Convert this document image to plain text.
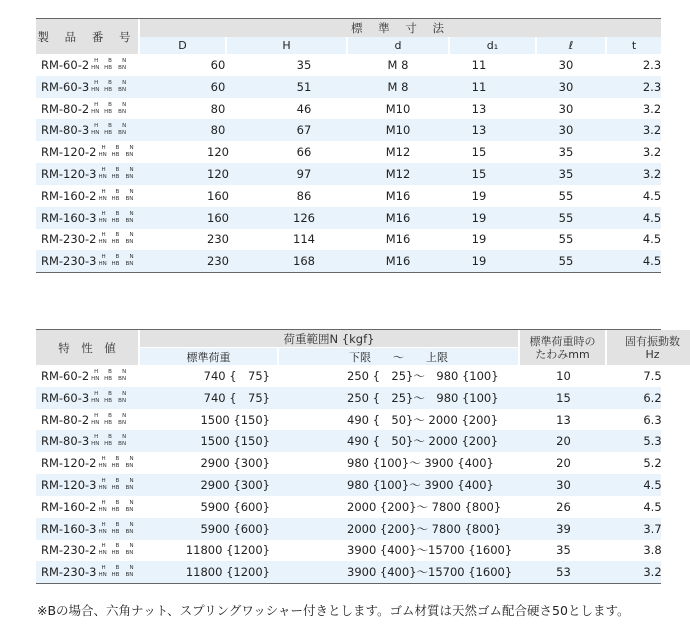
製 品 番 号
標 準 寸 法
D	H	d	d₁	ℓ	t
RM-60-2 H
HN
B
HB
N
BN	60	35	M 8	11	30	2.3
RM-60-3 H
HN
B
HB
N
BN	60	51	M 8	11	30	2.3
RM-80-2 H
HN
B
HB
N
BN	80	46	M10	13	30	3.2
RM-80-3 H
HN
B
HB
N
BN	80	67	M10	13	30	3.2
RM-120-2 H
HN
B
HB
N
BN	120	66	M12	15	35	3.2
RM-120-3 H
HN
B
HB
N
BN	120	97	M12	15	35	3.2
RM-160-2 H
HN
B
HB
N
BN	160	86	M16	19	55	4.5
RM-160-3 H
HN
B
HB
N
BN	160	126	M16	19	55	4.5
RM-230-2 H
HN
B
HB
N
BN	230	114	M16	19	55	4.5
RM-230-3 H
HN
B
HB
N
BN	230	168	M16	19	55	4.5
特　性　値
荷重範囲N {kgf}
標準荷重	下限　　～　　上限
標準荷重時の
たわみmm
固有振動数
Hz
RM-60-2 H
HN
B
HB
N
BN	740 {　75}	250 {　25}～　980 {100}	10	7.5
RM-60-3 H
HN
B
HB
N
BN	740 {　75}	250 {　25}～　980 {100}	15	6.2
RM-80-2 H
HN
B
HB
N
BN	1500 {150}	490 {　50}～ 2000 {200}	13	6.3
RM-80-3 H
HN
B
HB
N
BN	1500 {150}	490 {　50}～ 2000 {200}	20	5.3
RM-120-2 H
HN
B
HB
N
BN	2900 {300}	980 {100}～ 3900 {400}	20	5.2
RM-120-3 H
HN
B
HB
N
BN	2900 {300}	980 {100}～ 3900 {400}	30	4.5
RM-160-2 H
HN
B
HB
N
BN	5900 {600}	2000 {200}～ 7800 {800}	26	4.5
RM-160-3 H
HN
B
HB
N
BN	5900 {600}	2000 {200}～ 7800 {800}	39	3.7
RM-230-2 H
HN
B
HB
N
BN	11800 {1200}	3900 {400}～15700 {1600}	35	3.8
RM-230-3 H
HN
B
HB
N
BN	11800 {1200}	3900 {400}～15700 {1600}	53	3.2
※Bの場合、六角ナット、スプリングワッシャー付きとします。ゴム材質は天然ゴム配合硬さ50とします。
